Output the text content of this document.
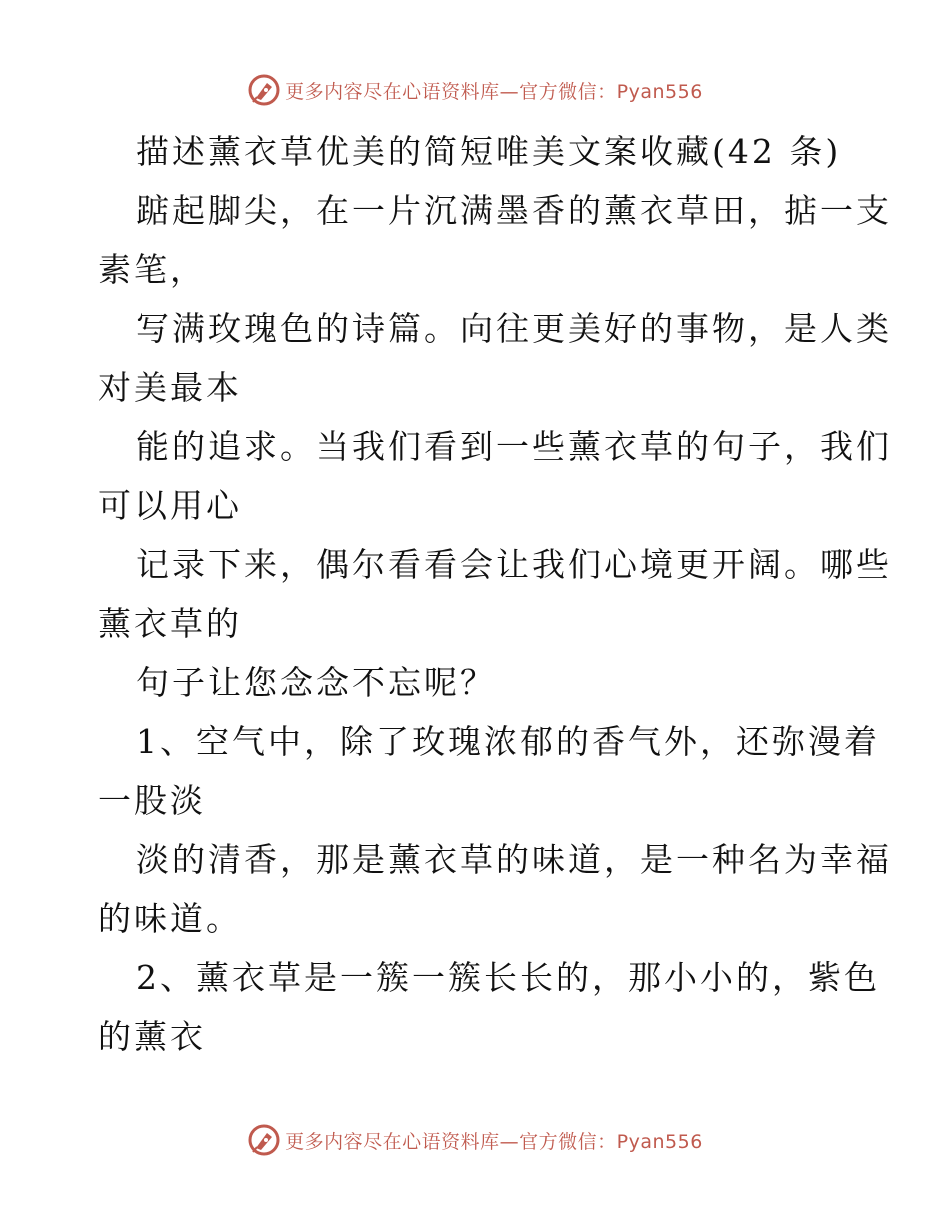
更多内容尽在心语资料库—官方微信：Pyan556
描述薰衣草优美的简短唯美文案收藏(42 条)
踮起脚尖，在一片沉满墨香的薰衣草田，掂一支
素笔，
写满玫瑰色的诗篇。向往更美好的事物，是人类
对美最本
能的追求。当我们看到一些薰衣草的句子，我们
可以用心
记录下来，偶尔看看会让我们心境更开阔。哪些
薰衣草的
句子让您念念不忘呢？
1、空气中，除了玫瑰浓郁的香气外，还弥漫着
一股淡
淡的清香，那是薰衣草的味道，是一种名为幸福
的味道。
2、薰衣草是一簇一簇长长的，那小小的，紫色
的薰衣
更多内容尽在心语资料库—官方微信：Pyan556
